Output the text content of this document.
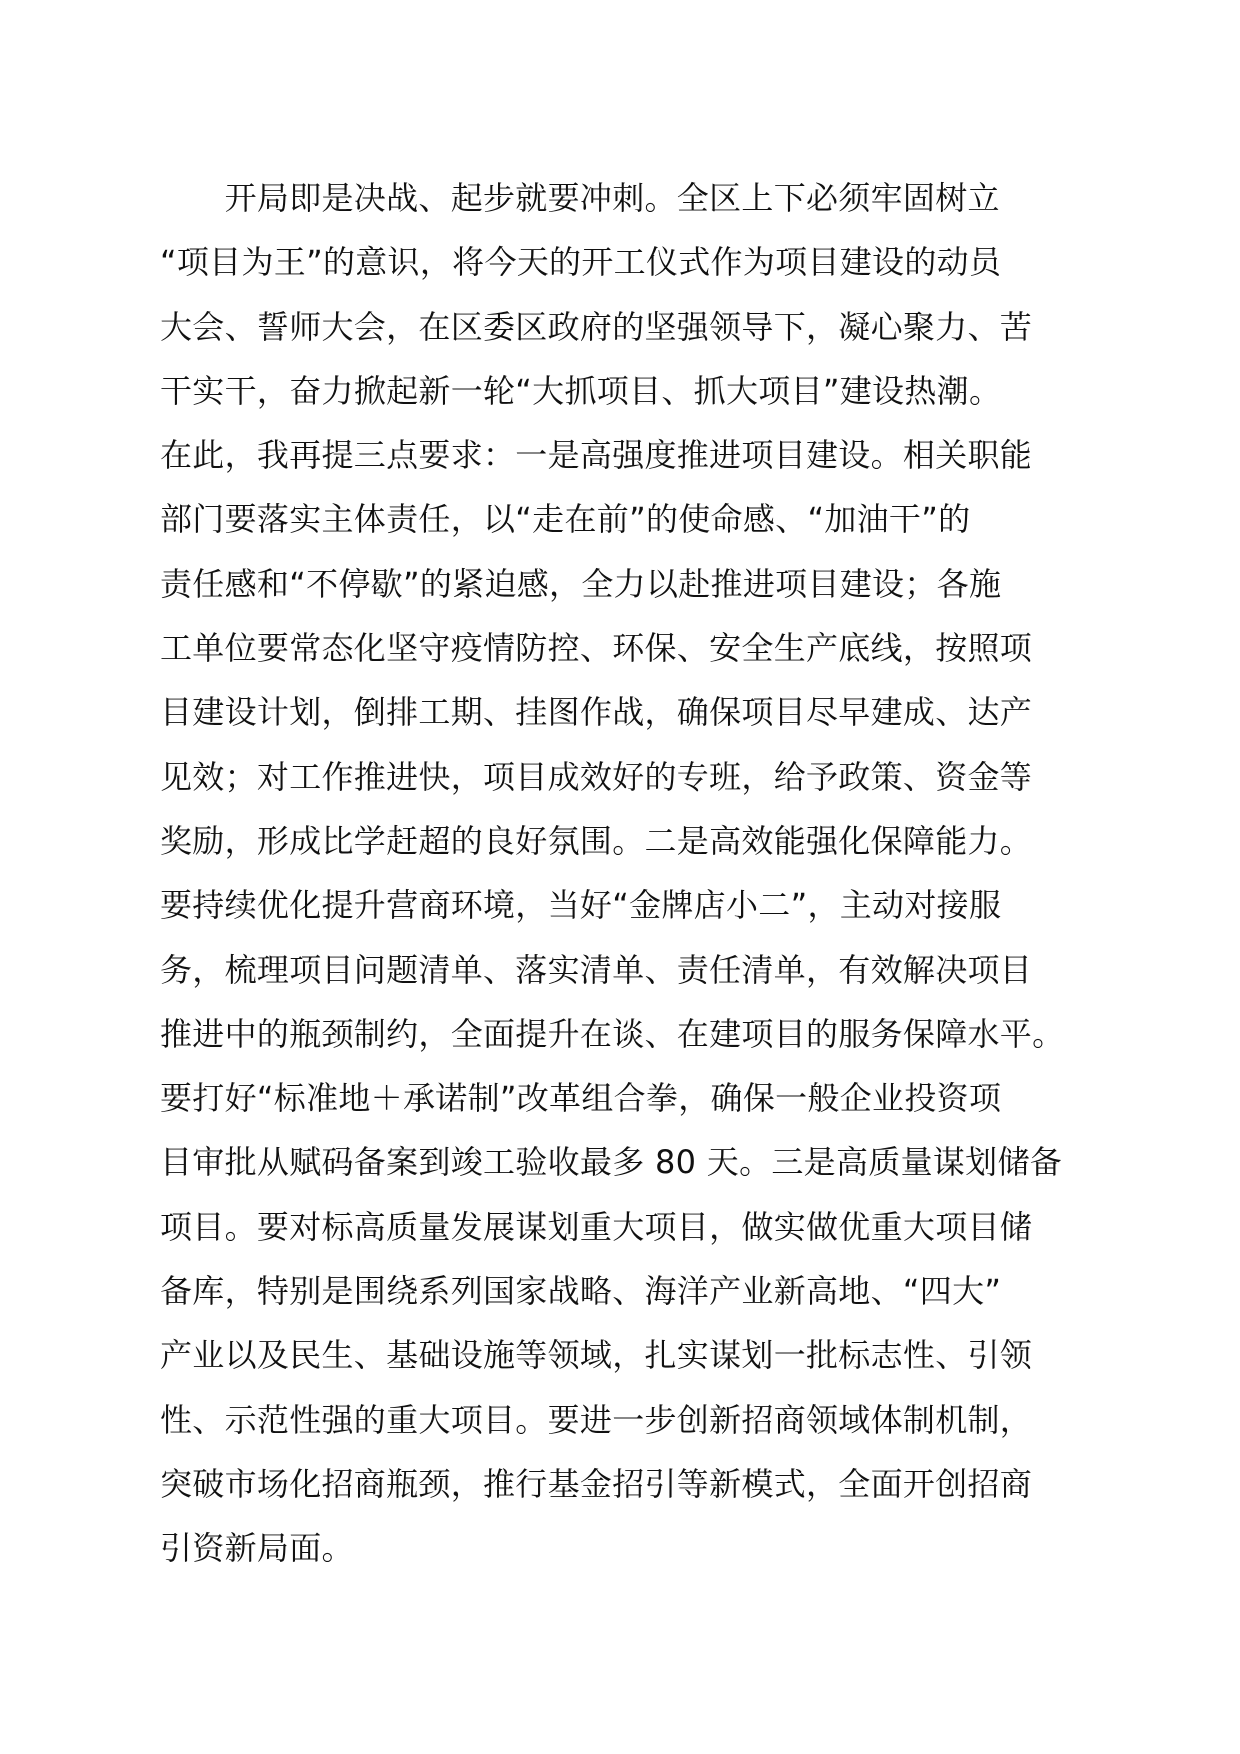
　　开局即是决战、起步就要冲刺。全区上下必须牢固树立
“项目为王”的意识，将今天的开工仪式作为项目建设的动员
大会、誓师大会，在区委区政府的坚强领导下，凝心聚力、苦
干实干，奋力掀起新一轮“大抓项目、抓大项目”建设热潮。
在此，我再提三点要求：一是高强度推进项目建设。相关职能
部门要落实主体责任，以“走在前”的使命感、“加油干”的
责任感和“不停歇”的紧迫感，全力以赴推进项目建设；各施
工单位要常态化坚守疫情防控、环保、安全生产底线，按照项
目建设计划，倒排工期、挂图作战，确保项目尽早建成、达产
见效；对工作推进快，项目成效好的专班，给予政策、资金等
奖励，形成比学赶超的良好氛围。二是高效能强化保障能力。
要持续优化提升营商环境，当好“金牌店小二”，主动对接服
务，梳理项目问题清单、落实清单、责任清单，有效解决项目
推进中的瓶颈制约，全面提升在谈、在建项目的服务保障水平。
要打好“标准地＋承诺制”改革组合拳，确保一般企业投资项
目审批从赋码备案到竣工验收最多 80 天。三是高质量谋划储备
项目。要对标高质量发展谋划重大项目，做实做优重大项目储
备库，特别是围绕系列国家战略、海洋产业新高地、“四大”
产业以及民生、基础设施等领域，扎实谋划一批标志性、引领
性、示范性强的重大项目。要进一步创新招商领域体制机制，
突破市场化招商瓶颈，推行基金招引等新模式，全面开创招商
引资新局面。
